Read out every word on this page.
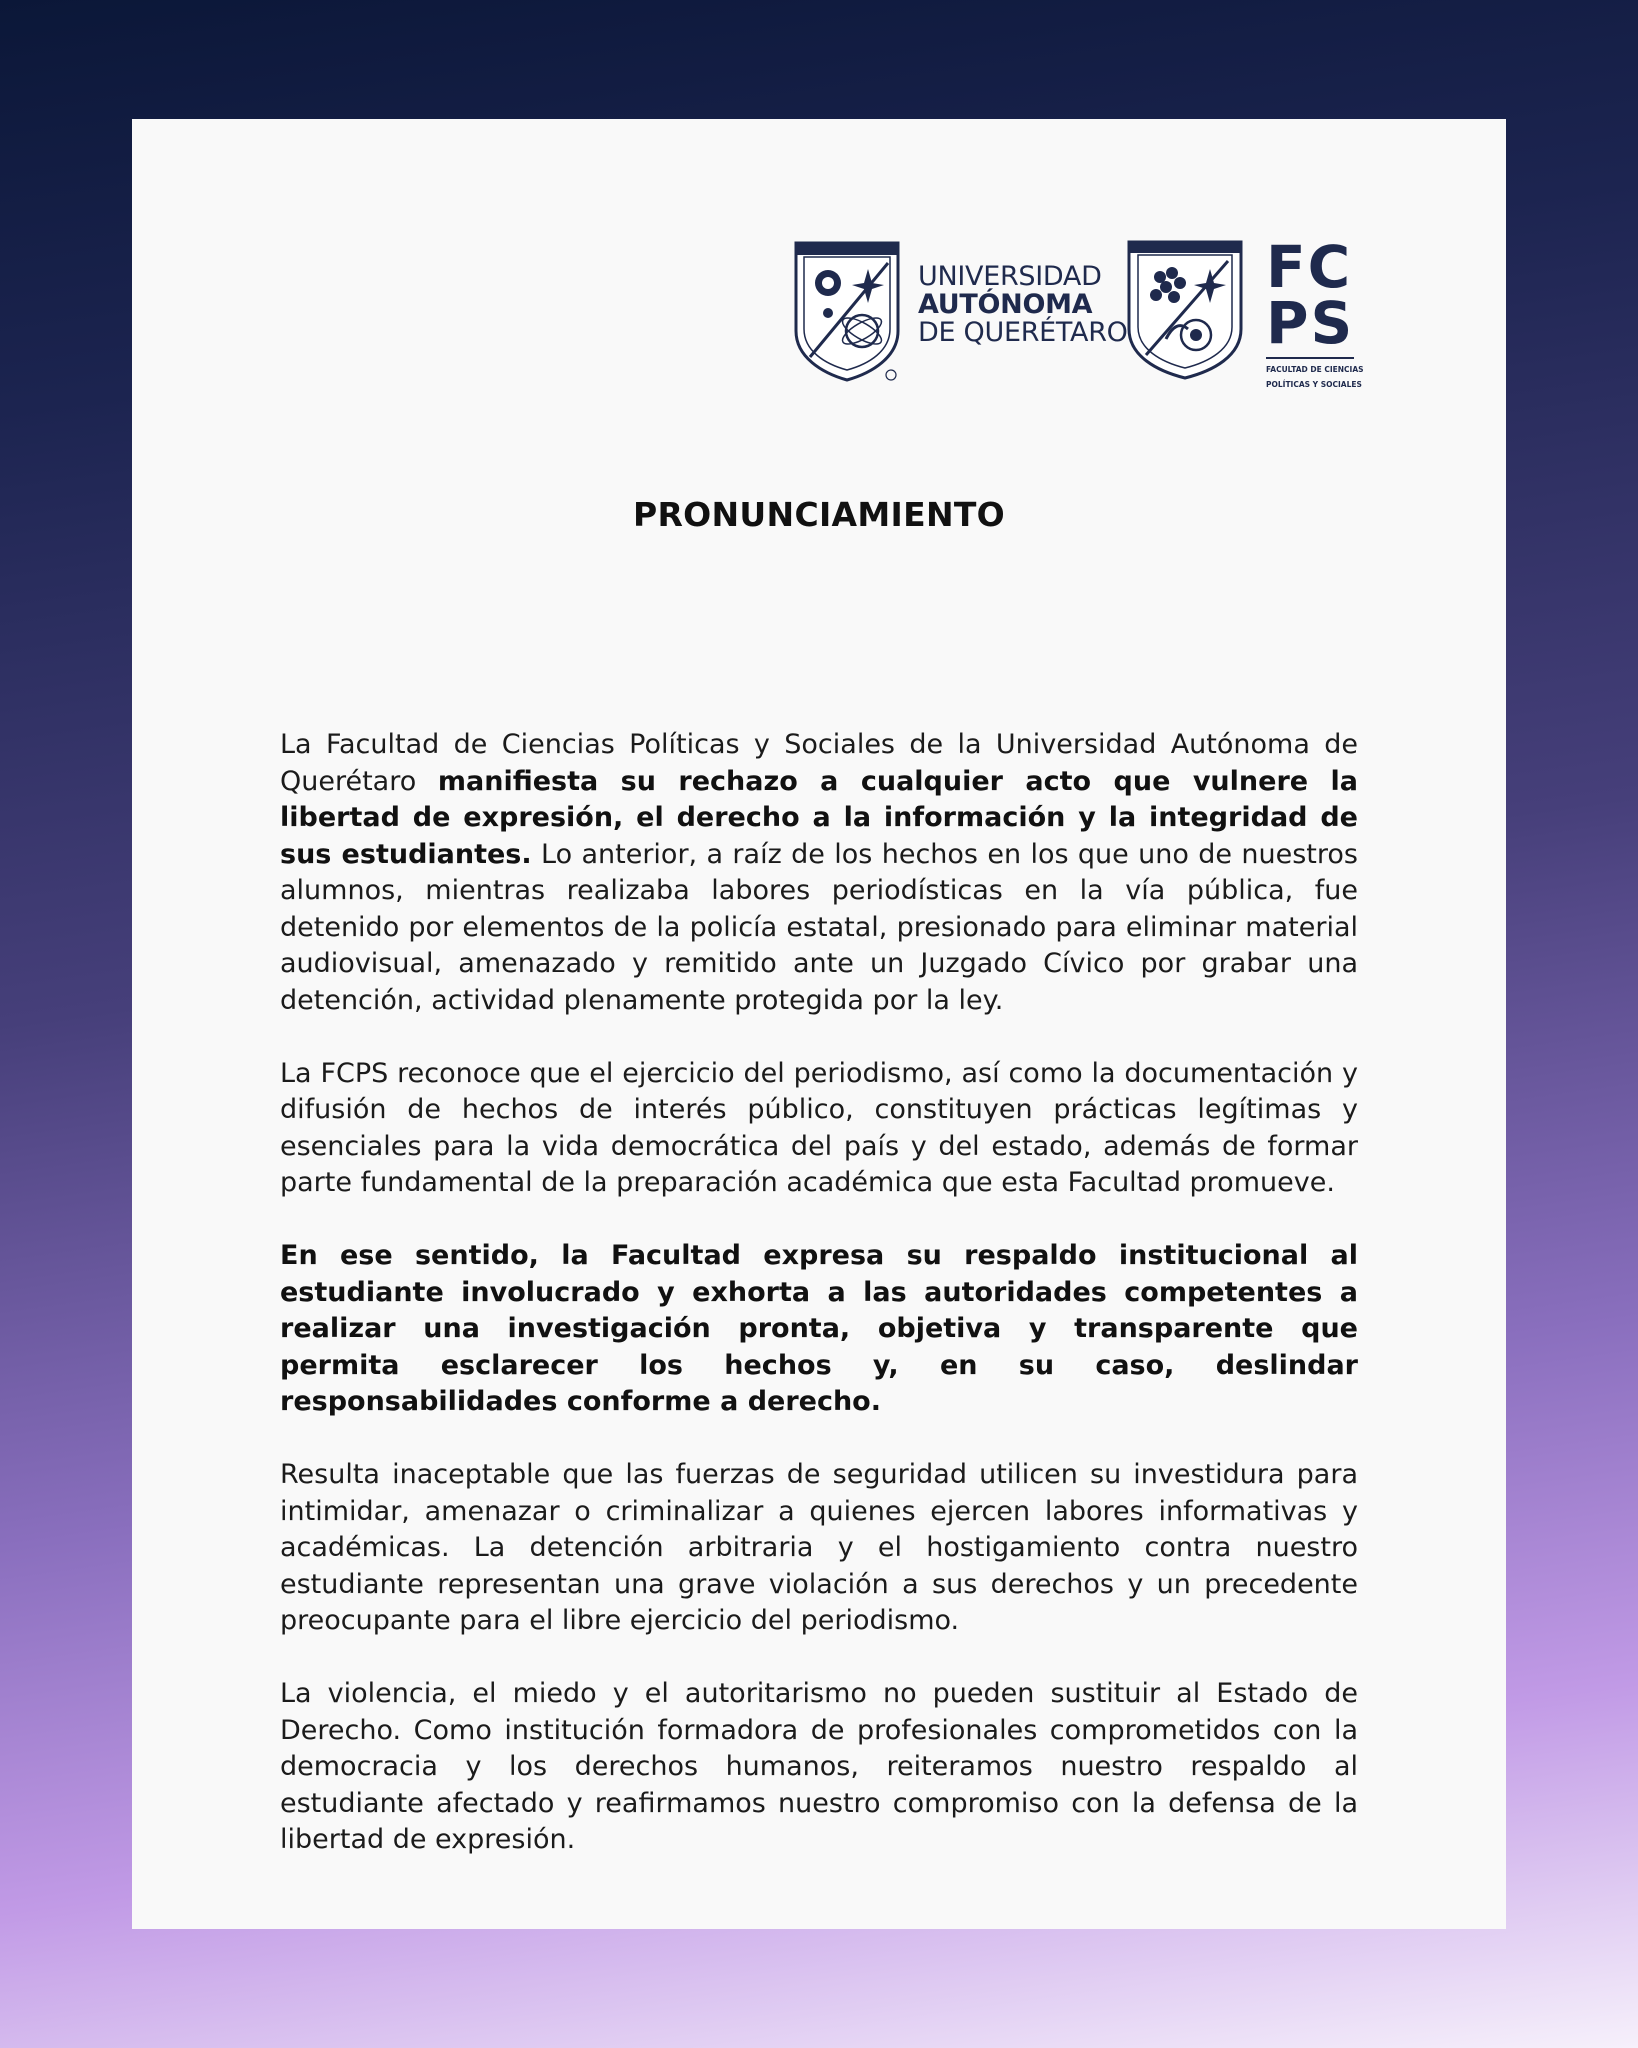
UNIVERSIDAD
AUTÓNOMA
DE QUERÉTARO
FC
PS
FACULTAD DE CIENCIAS
POLÍTICAS Y SOCIALES
PRONUNCIAMIENTO

La Facultad de Ciencias Políticas y Sociales de la Universidad Autónoma de Querétaro manifiesta su rechazo a cualquier acto que vulnere la libertad de expresión, el derecho a la información y la integridad de sus estudiantes. Lo anterior, a raíz de los hechos en los que uno de nuestros alumnos, mientras realizaba labores periodísticas en la vía pública, fue detenido por elementos de la policía estatal, presionado para eliminar material audiovisual, amenazado y remitido ante un Juzgado Cívico por grabar una detención, actividad plenamente protegida por la ley.

La FCPS reconoce que el ejercicio del periodismo, así como la documentación y difusión de hechos de interés público, constituyen prácticas legítimas y esenciales para la vida democrática del país y del estado, además de formar parte fundamental de la preparación académica que esta Facultad promueve.

En ese sentido, la Facultad expresa su respaldo institucional al estudiante involucrado y exhorta a las autoridades competentes a realizar una investigación pronta, objetiva y transparente que permita esclarecer los hechos y, en su caso, deslindar responsabilidades conforme a derecho.

Resulta inaceptable que las fuerzas de seguridad utilicen su investidura para intimidar, amenazar o criminalizar a quienes ejercen labores informativas y académicas. La detención arbitraria y el hostigamiento contra nuestro estudiante representan una grave violación a sus derechos y un precedente preocupante para el libre ejercicio del periodismo.

La violencia, el miedo y el autoritarismo no pueden sustituir al Estado de Derecho. Como institución formadora de profesionales comprometidos con la democracia y los derechos humanos, reiteramos nuestro respaldo al estudiante afectado y reafirmamos nuestro compromiso con la defensa de la libertad de expresión.
